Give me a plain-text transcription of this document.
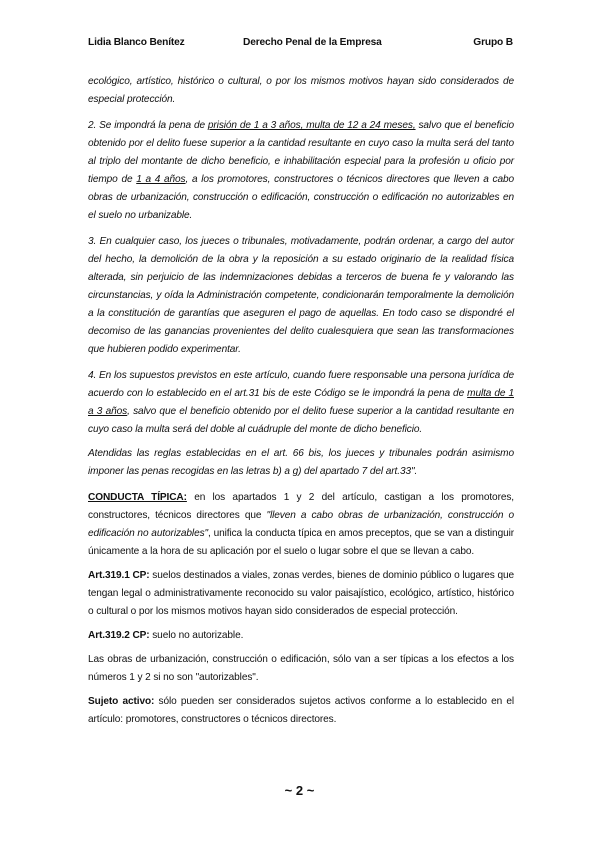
Lidia Blanco Benítez	Derecho Penal de la Empresa	Grupo B

ecológico, artístico, histórico o cultural, o por los mismos motivos hayan sido considerados de especial protección.

2. Se impondrá la pena de prisión de 1 a 3 años, multa de 12 a 24 meses, salvo que el beneficio obtenido por el delito fuese superior a la cantidad resultante en cuyo caso la multa será del tanto al triplo del montante de dicho beneficio, e inhabilitación especial para la profesión u oficio por tiempo de 1 a 4 años, a los promotores, constructores o técnicos directores que lleven a cabo obras de urbanización, construcción o edificación, construcción o edificación no autorizables en el suelo no urbanizable.

3. En cualquier caso, los jueces o tribunales, motivadamente, podrán ordenar, a cargo del autor del hecho, la demolición de la obra y la reposición a su estado originario de la realidad física alterada, sin perjuicio de las indemnizaciones debidas a terceros de buena fe y valorando las circunstancias, y oída la Administración competente, condicionarán temporalmente la demolición a la constitución de garantías que aseguren el pago de aquellas. En todo caso se dispondré el decomiso de las ganancias provenientes del delito cualesquiera que sean las transformaciones que hubieren podido experimentar.

4. En los supuestos previstos en este artículo, cuando fuere responsable una persona jurídica de acuerdo con lo establecido en el art.31 bis de este Código se le impondrá la pena de multa de 1 a 3 años, salvo que el beneficio obtenido por el delito fuese superior a la cantidad resultante en cuyo caso la multa será del doble al cuádruple del monte de dicho beneficio.

Atendidas las reglas establecidas en el art. 66 bis, los jueces y tribunales podrán asimismo imponer las penas recogidas en las letras b) a g) del apartado 7 del art.33".

CONDUCTA TÍPICA: en los apartados 1 y 2 del artículo, castigan a los promotores, constructores, técnicos directores que "lleven a cabo obras de urbanización, construcción o edificación no autorizables", unifica la conducta típica en amos preceptos, que se van a distinguir únicamente a la hora de su aplicación por el suelo o lugar sobre el que se llevan a cabo.

Art.319.1 CP: suelos destinados a viales, zonas verdes, bienes de dominio público o lugares que tengan legal o administrativamente reconocido su valor paisajístico, ecológico, artístico, histórico o cultural o por los mismos motivos hayan sido considerados de especial protección.

Art.319.2 CP: suelo no autorizable.

Las obras de urbanización, construcción o edificación, sólo van a ser típicas a los efectos a los números 1 y 2 si no son "autorizables".

Sujeto activo: sólo pueden ser considerados sujetos activos conforme a lo establecido en el artículo: promotores, constructores o técnicos directores.

~ 2 ~
